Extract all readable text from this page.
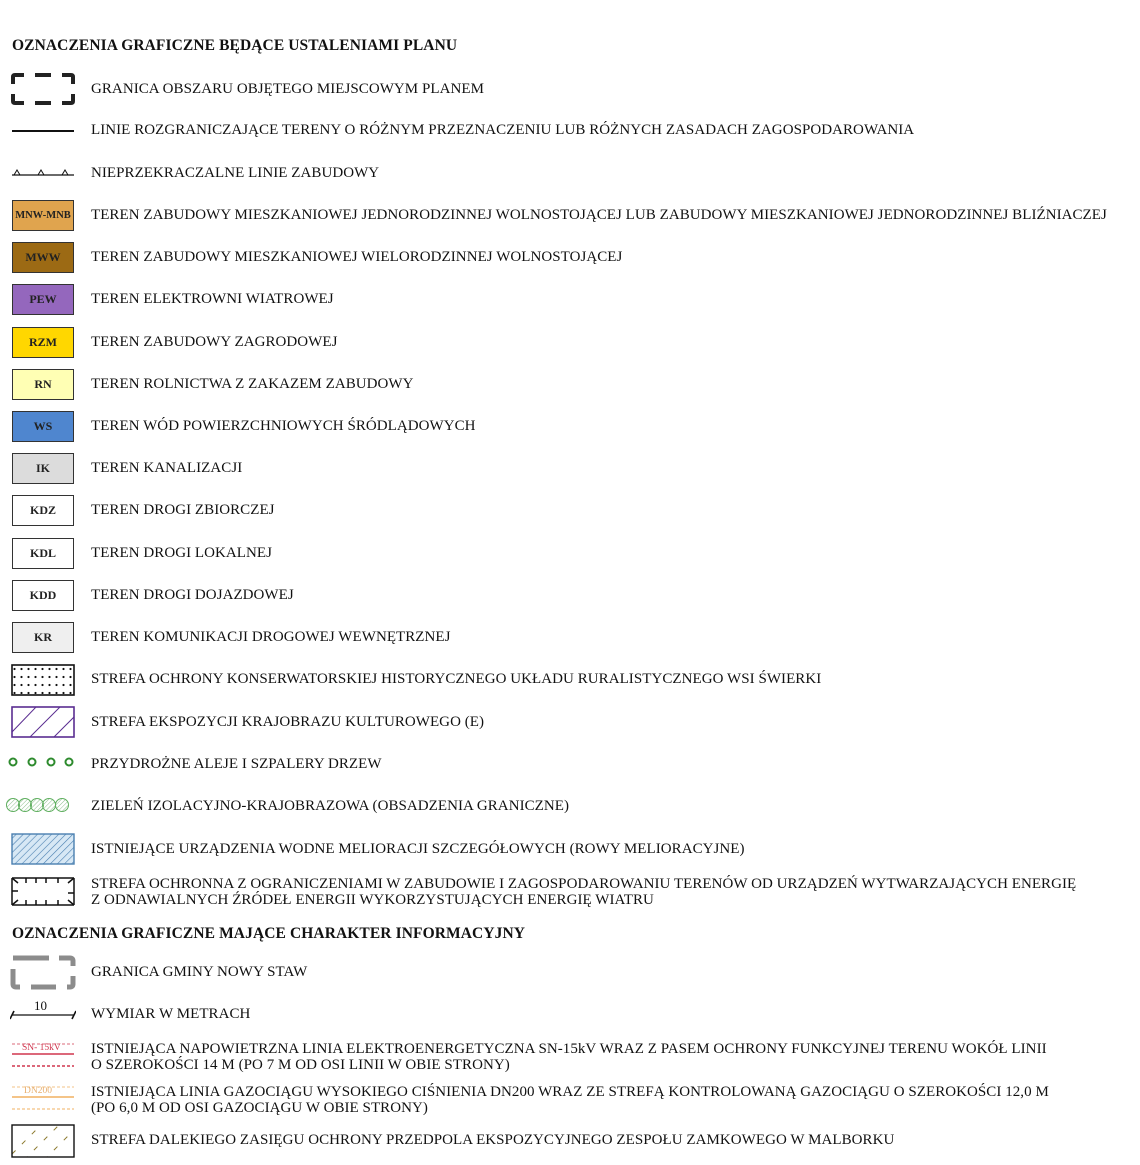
OZNACZENIA GRAFICZNE BĘDĄCE USTALENIAMI PLANU
GRANICA OBSZARU OBJĘTEGO MIEJSCOWYM PLANEM
LINIE ROZGRANICZAJĄCE TERENY O RÓŻNYM PRZEZNACZENIU LUB RÓŻNYCH ZASADACH ZAGOSPODAROWANIA
NIEPRZEKRACZALNE LINIE ZABUDOWY
MNW-MNB TEREN ZABUDOWY MIESZKANIOWEJ JEDNORODZINNEJ WOLNOSTOJĄCEJ LUB ZABUDOWY MIESZKANIOWEJ JEDNORODZINNEJ BLIŹNIACZEJ
MWW	TEREN ZABUDOWY MIESZKANIOWEJ WIELORODZINNEJ WOLNOSTOJĄCEJ
PEW	TEREN ELEKTROWNI WIATROWEJ
RZM	TEREN ZABUDOWY ZAGRODOWEJ
RN	TEREN ROLNICTWA Z ZAKAZEM ZABUDOWY
WS	TEREN WÓD POWIERZCHNIOWYCH ŚRÓDLĄDOWYCH
IK	TEREN KANALIZACJI
KDZ	TEREN DROGI ZBIORCZEJ
KDL	TEREN DROGI LOKALNEJ
KDD	TEREN DROGI DOJAZDOWEJ
KR	TEREN KOMUNIKACJI DROGOWEJ WEWNĘTRZNEJ
STREFA OCHRONY KONSERWATORSKIEJ HISTORYCZNEGO UKŁADU RURALISTYCZNEGO WSI ŚWIERKI
STREFA EKSPOZYCJI KRAJOBRAZU KULTUROWEGO (E)
PRZYDROŻNE ALEJE I SZPALERY DRZEW
ZIELEŃ IZOLACYJNO-KRAJOBRAZOWA (OBSADZENIA GRANICZNE)
ISTNIEJĄCE URZĄDZENIA WODNE MELIORACJI SZCZEGÓŁOWYCH (ROWY MELIORACYJNE)
STREFA OCHRONNA Z OGRANICZENIAMI W ZABUDOWIE I ZAGOSPODAROWANIU TERENÓW OD URZĄDZEŃ WYTWARZAJĄCYCH ENERGIĘ
Z ODNAWIALNYCH ŹRÓDEŁ ENERGII WYKORZYSTUJĄCYCH ENERGIĘ WIATRU
OZNACZENIA GRAFICZNE MAJĄCE CHARAKTER INFORMACYJNY
GRANICA GMINY NOWY STAW
10
WYMIAR W METRACH
SN- 15kV ISTNIEJĄCA NAPOWIETRZNA LINIA ELEKTROENERGETYCZNA SN-15kV WRAZ Z PASEM OCHRONY FUNKCYJNEJ TERENU WOKÓŁ LINII
O SZEROKOŚCI 14 M (PO 7 M OD OSI LINII W OBIE STRONY)
DN200	ISTNIEJĄCA LINIA GAZOCIĄGU WYSOKIEGO CIŚNIENIA DN200 WRAZ ZE STREFĄ KONTROLOWANĄ GAZOCIĄGU O SZEROKOŚCI 12,0 M
(PO 6,0 M OD OSI GAZOCIĄGU W OBIE STRONY)
STREFA DALEKIEGO ZASIĘGU OCHRONY PRZEDPOLA EKSPOZYCYJNEGO ZESPOŁU ZAMKOWEGO W MALBORKU
